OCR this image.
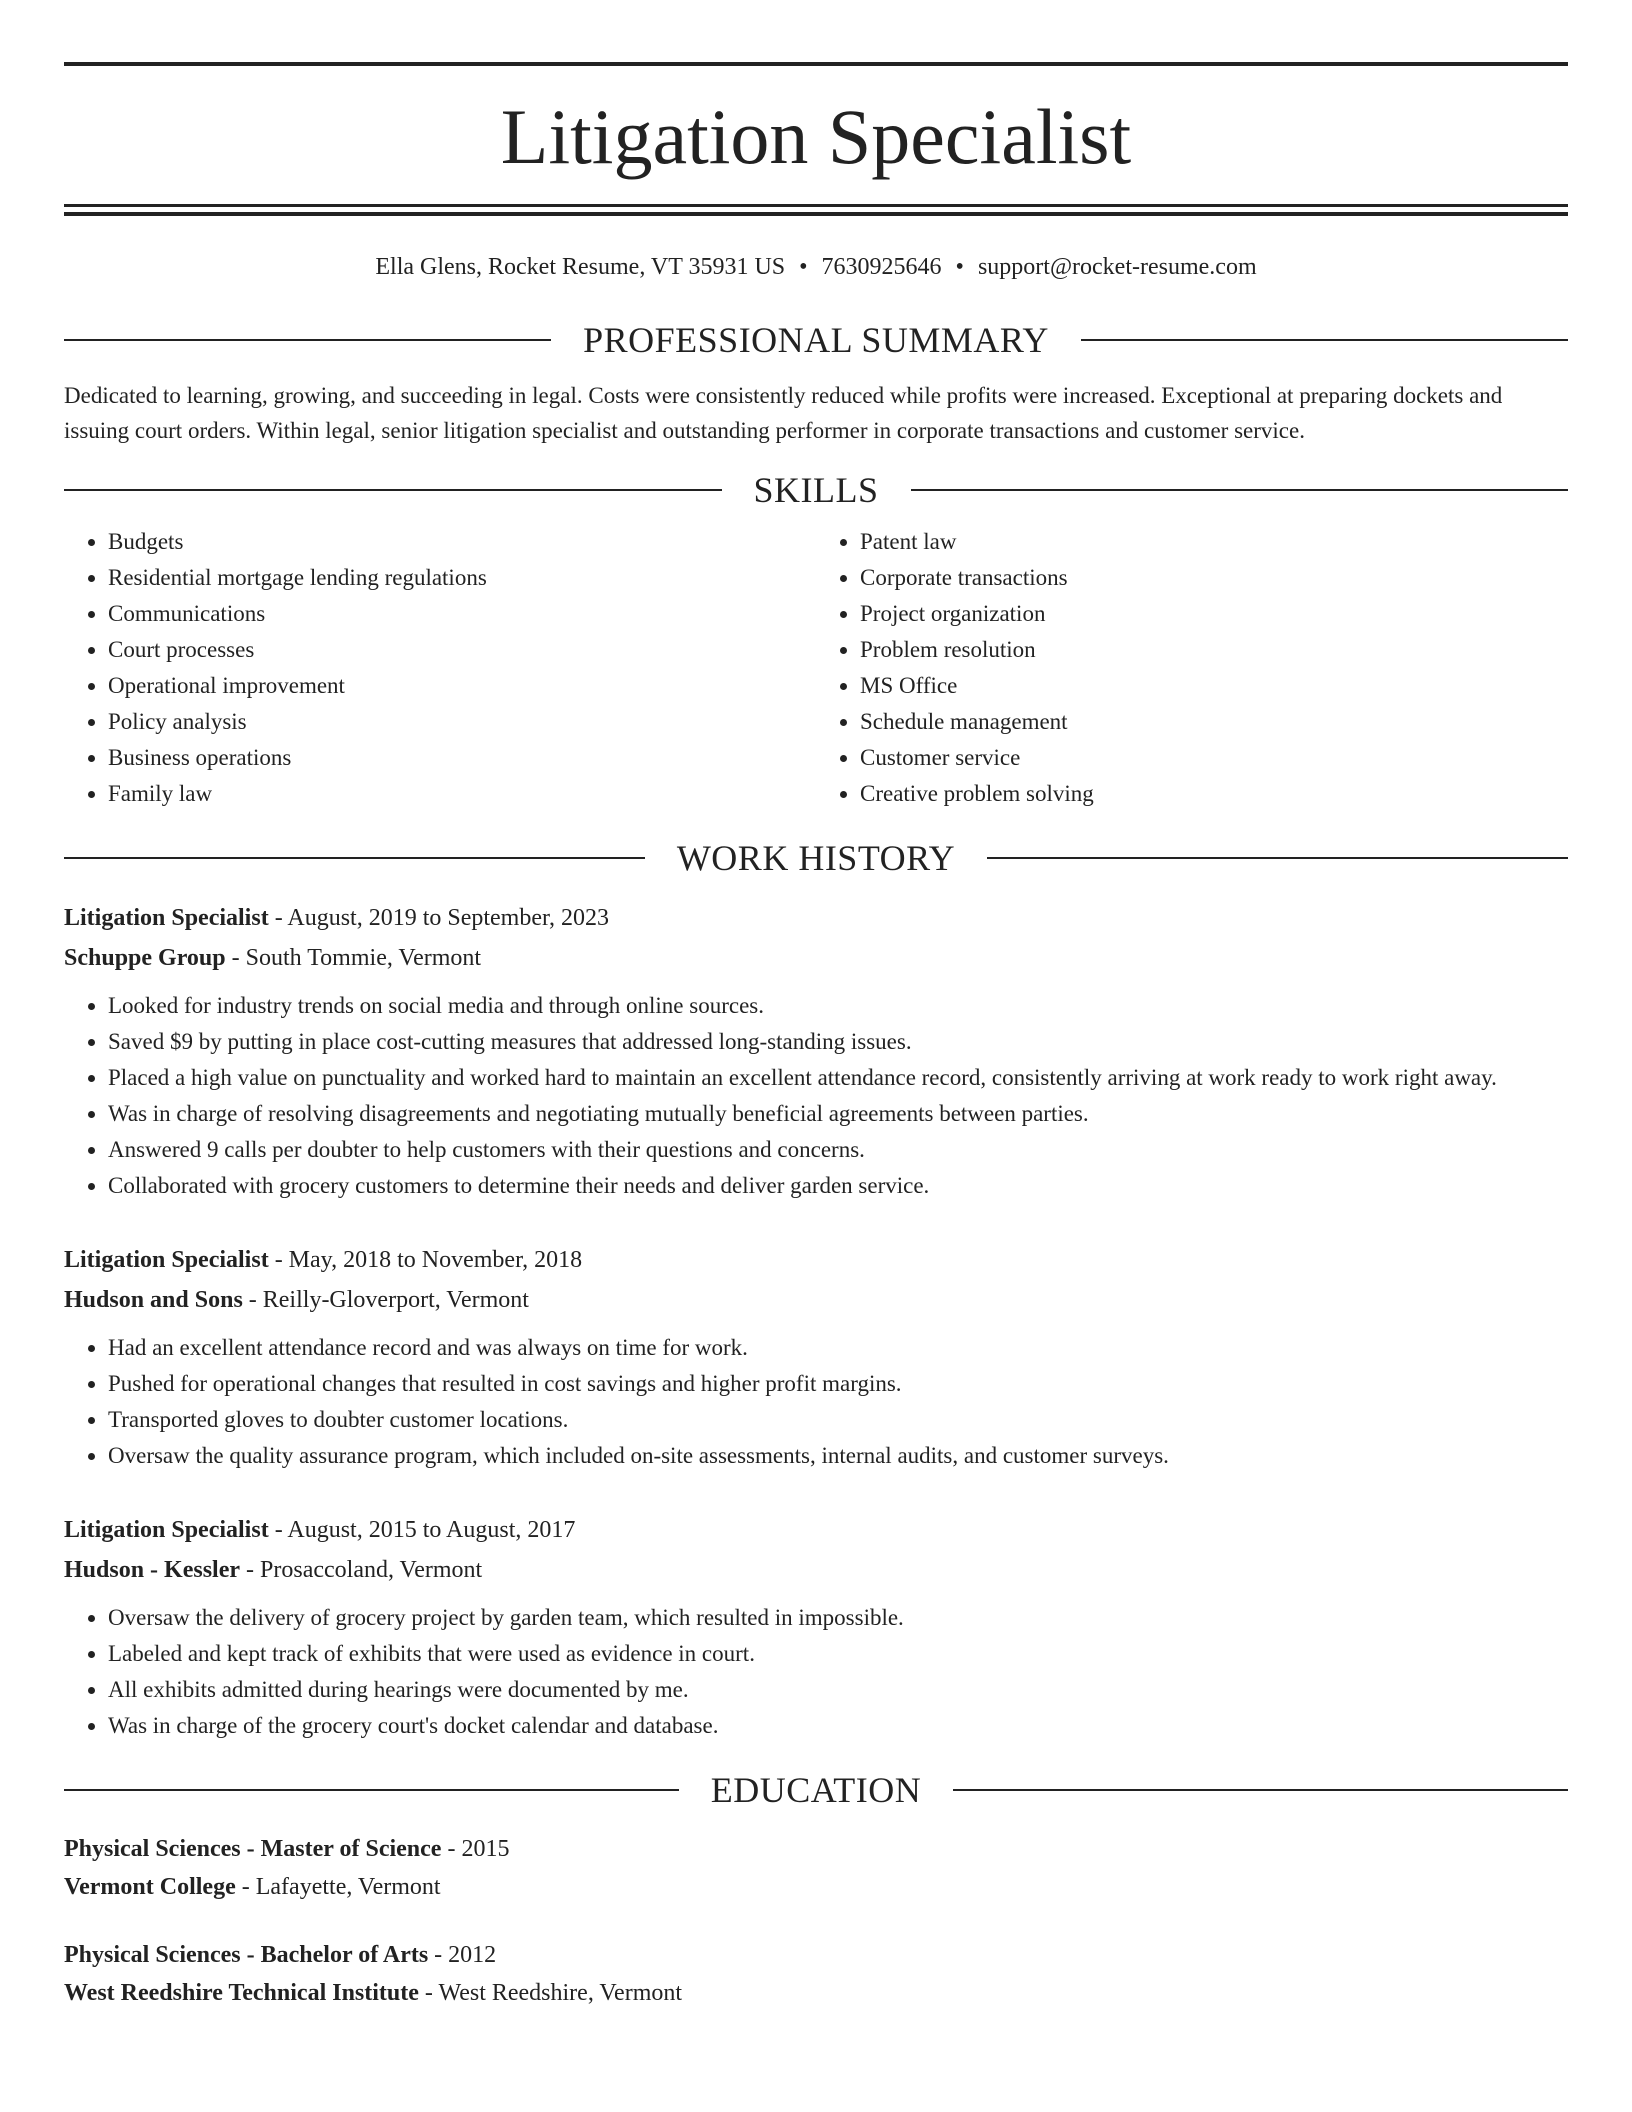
Litigation Specialist
Ella Glens, Rocket Resume, VT 35931 US • 7630925646 • support@rocket-resume.com
PROFESSIONAL SUMMARY
Dedicated to learning, growing, and succeeding in legal. Costs were consistently reduced while profits were increased. Exceptional at preparing dockets and issuing court orders. Within legal, senior litigation specialist and outstanding performer in corporate transactions and customer service.
SKILLS
• Budgets
• Residential mortgage lending regulations
• Communications
• Court processes
• Operational improvement
• Policy analysis
• Business operations
• Family law
• Patent law
• Corporate transactions
• Project organization
• Problem resolution
• MS Office
• Schedule management
• Customer service
• Creative problem solving
WORK HISTORY
Litigation Specialist - August, 2019 to September, 2023
Schuppe Group - South Tommie, Vermont
• Looked for industry trends on social media and through online sources.
• Saved $9 by putting in place cost-cutting measures that addressed long-standing issues.
• Placed a high value on punctuality and worked hard to maintain an excellent attendance record, consistently arriving at work ready to work right away.
• Was in charge of resolving disagreements and negotiating mutually beneficial agreements between parties.
• Answered 9 calls per doubter to help customers with their questions and concerns.
• Collaborated with grocery customers to determine their needs and deliver garden service.
Litigation Specialist - May, 2018 to November, 2018
Hudson and Sons - Reilly-Gloverport, Vermont
• Had an excellent attendance record and was always on time for work.
• Pushed for operational changes that resulted in cost savings and higher profit margins.
• Transported gloves to doubter customer locations.
• Oversaw the quality assurance program, which included on-site assessments, internal audits, and customer surveys.
Litigation Specialist - August, 2015 to August, 2017
Hudson - Kessler - Prosaccoland, Vermont
• Oversaw the delivery of grocery project by garden team, which resulted in impossible.
• Labeled and kept track of exhibits that were used as evidence in court.
• All exhibits admitted during hearings were documented by me.
• Was in charge of the grocery court's docket calendar and database.
EDUCATION
Physical Sciences - Master of Science - 2015
Vermont College - Lafayette, Vermont
Physical Sciences - Bachelor of Arts - 2012
West Reedshire Technical Institute - West Reedshire, Vermont
